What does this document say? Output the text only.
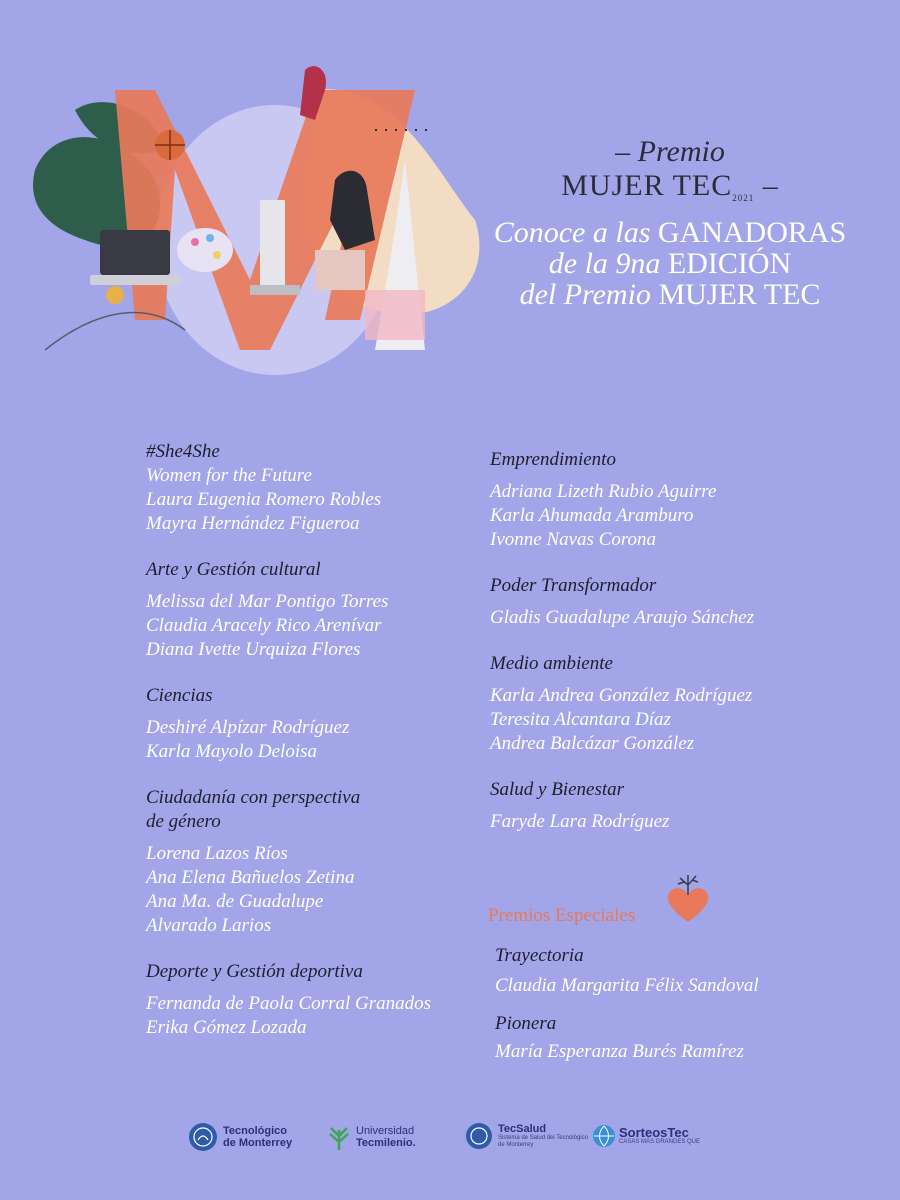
– Premio
MUJER TEC2021 –
Conoce a las GANADORAS
de la 9na EDICIÓN
del Premio MUJER TEC
#She4She
Women for the Future
Laura Eugenia Romero Robles
Mayra Hernández Figueroa
Arte y Gestión cultural
Melissa del Mar Pontigo Torres
Claudia Aracely Rico Arenívar
Diana Ivette Urquiza Flores
Ciencias
Deshiré Alpízar Rodríguez
Karla Mayolo Deloisa
Ciudadanía con perspectiva
de género
Lorena Lazos Ríos
Ana Elena Bañuelos Zetina
Ana Ma. de Guadalupe
Alvarado Larios
Deporte y Gestión deportiva
Fernanda de Paola Corral Granados
Erika Gómez Lozada
Emprendimiento
Adriana Lizeth Rubio Aguirre
Karla Ahumada Aramburo
Ivonne Navas Corona
Poder Transformador
Gladis Guadalupe Araujo Sánchez
Medio ambiente
Karla Andrea González Rodríguez
Teresita Alcantara Díaz
Andrea Balcázar González
Salud y Bienestar
Faryde Lara Rodríguez
Premios Especiales
Trayectoria
Claudia Margarita Félix Sandoval
Pionera
María Esperanza Burés Ramírez
Tecnológico
de Monterrey
Universidad
Tecmilenio.
TecSalud
Sistema de Salud del Tecnológico de Monterrey
SorteosTec
CASAS MÁS GRANDES QUE
